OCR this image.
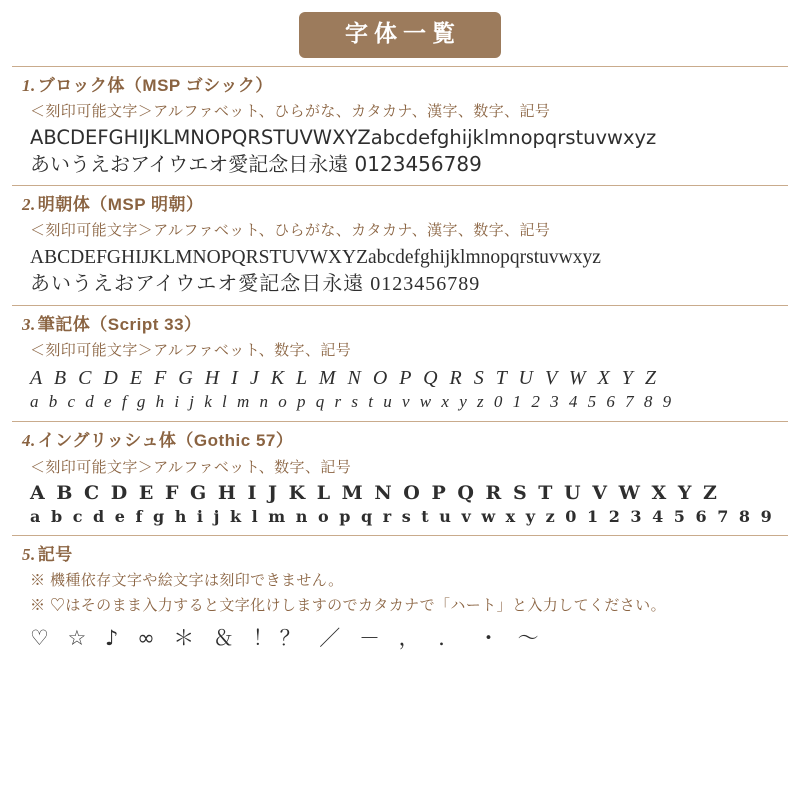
字体一覧
1. ブロック体（MSP ゴシック）
＜刻印可能文字＞アルファベット、ひらがな、カタカナ、漢字、数字、記号
ABCDEFGHIJKLMNOPQRSTUVWXYZabcdefghijklmnopqrstuvwxyz
あいうえおアイウエオ愛記念日永遠 0123456789
2. 明朝体（MSP 明朝）
＜刻印可能文字＞アルファベット、ひらがな、カタカナ、漢字、数字、記号
ABCDEFGHIJKLMNOPQRSTUVWXYZabcdefghijklmnopqrstuvwxyz
あいうえおアイウエオ愛記念日永遠 0123456789
3. 筆記体（Script 33）
＜刻印可能文字＞アルファベット、数字、記号
A B C D E F G H I J K L M N O P Q R S T U V W X Y Z
a b c d e f g h i j k l m n o p q r s t u v w x y z 0 1 2 3 4 5 6 7 8 9
4. イングリッシュ体（Gothic 57）
＜刻印可能文字＞アルファベット、数字、記号
A B C D E F G H I J K L M N O P Q R S T U V W X Y Z
a b c d e f g h i j k l m n o p q r s t u v w x y z 0 1 2 3 4 5 6 7 8 9
5. 記号
※ 機種依存文字や絵文字は刻印できません。
※ ♡はそのまま入力すると文字化けしますのでカタカナで「ハート」と入力してください。
♡ ☆ ♪ ∞ ＊ ＆ ！？ ／ － ， ． ・ 〜
